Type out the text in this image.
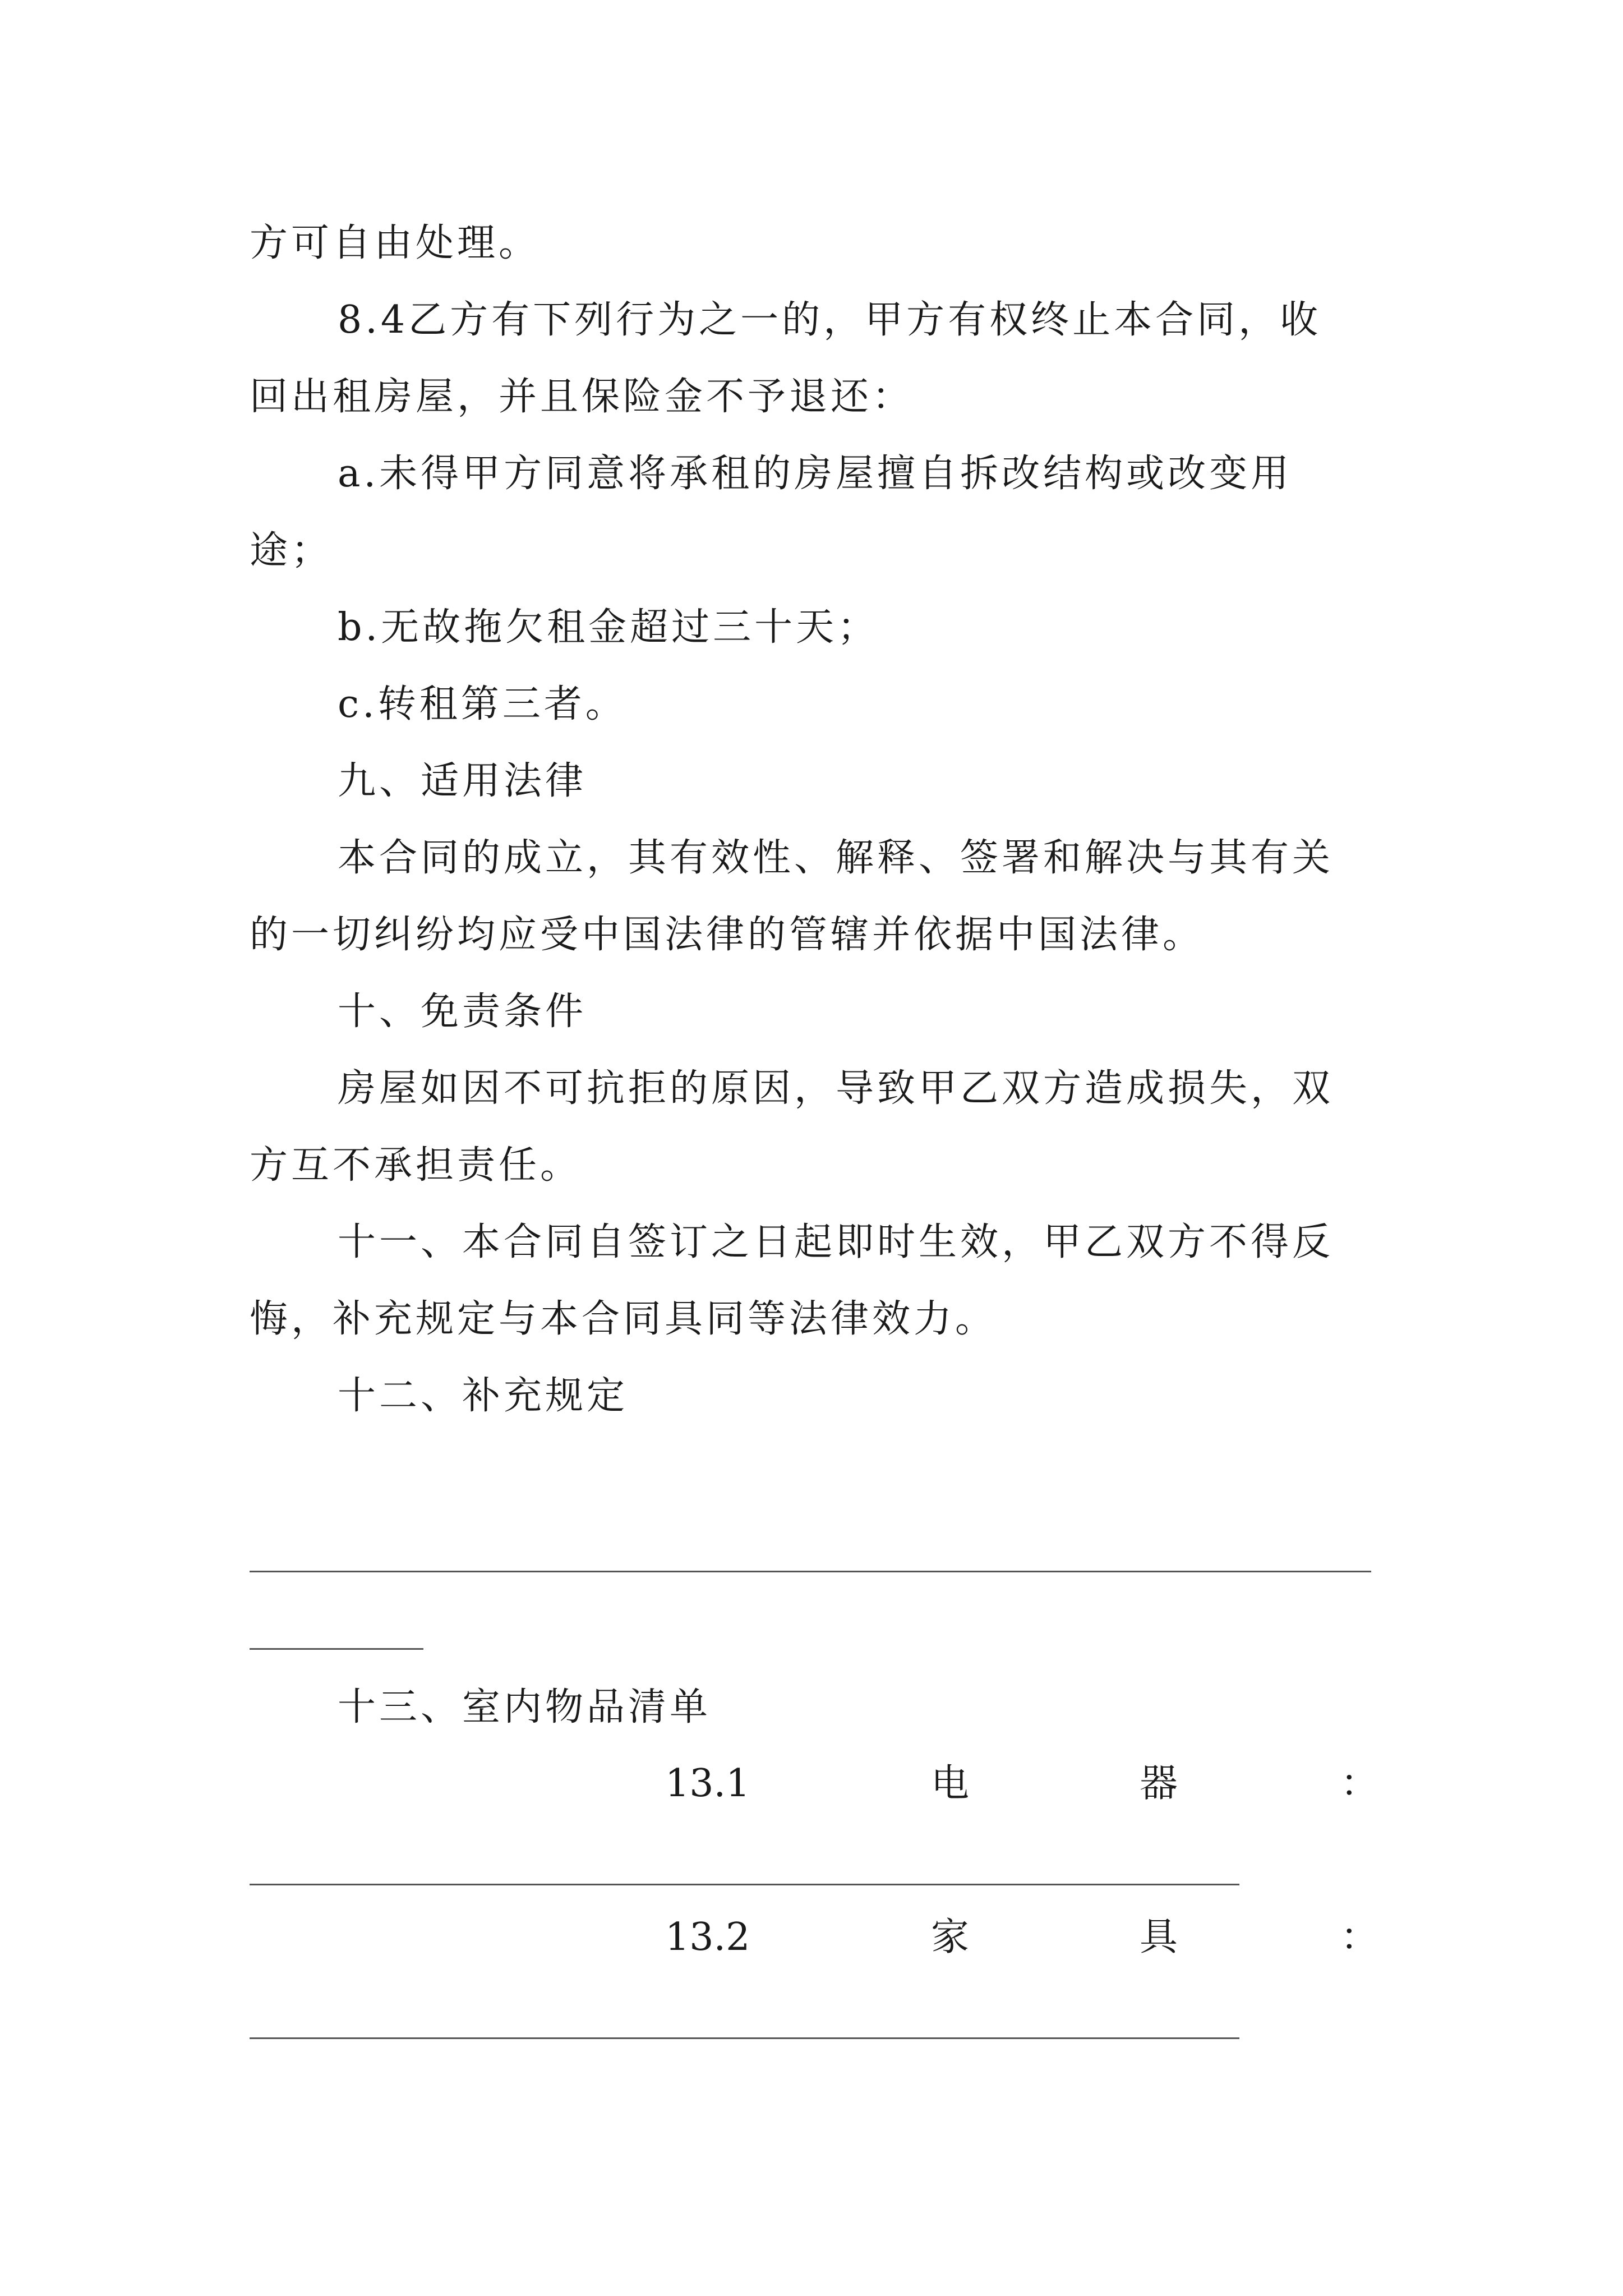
方可自由处理。
8.4乙方有下列行为之一的，甲方有权终止本合同，收
回出租房屋，并且保险金不予退还：
a.未得甲方同意将承租的房屋擅自拆改结构或改变用
途；
b.无故拖欠租金超过三十天；
c.转租第三者。
九、适用法律
本合同的成立，其有效性、解释、签署和解决与其有关
的一切纠纷均应受中国法律的管辖并依据中国法律。
十、免责条件
房屋如因不可抗拒的原因，导致甲乙双方造成损失，双
方互不承担责任。
十一、本合同自签订之日起即时生效，甲乙双方不得反
悔，补充规定与本合同具同等法律效力。
十二、补充规定
十三、室内物品清单
13.1	电	器	：
13.2	家	具	：
